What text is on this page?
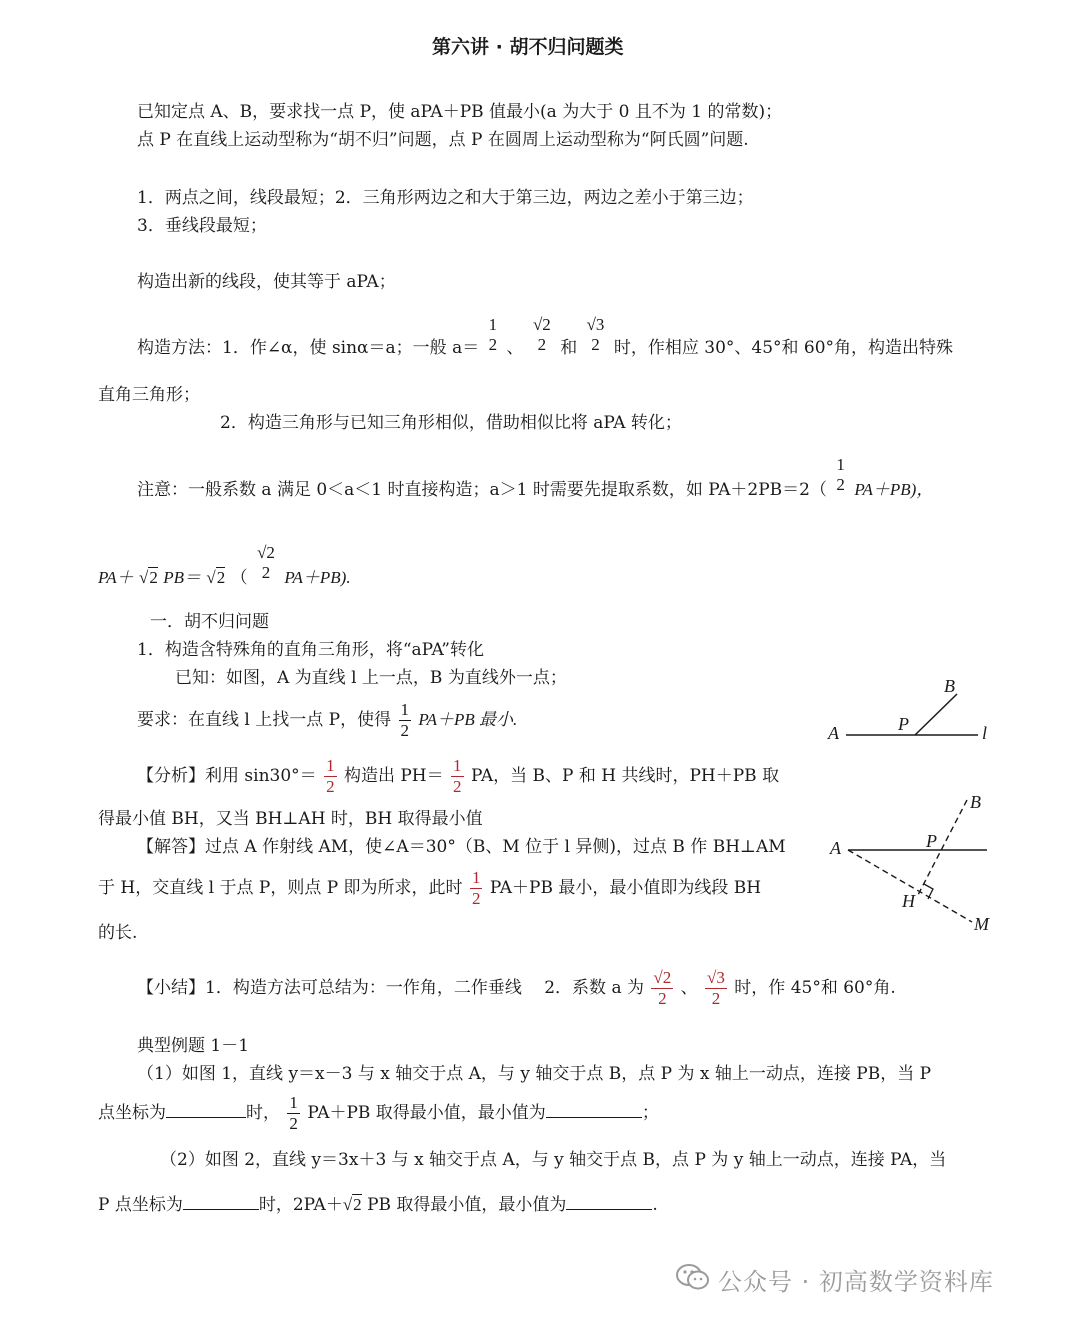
第六讲 · 胡不归问题类
已知定点 A、B，要求找一点 P，使 aPA＋PB 值最小(a 为大于 0 且不为 1 的常数)；
点 P 在直线上运动型称为“胡不归”问题，点 P 在圆周上运动型称为“阿氏圆”问题.
1．两点之间，线段最短；2．三角形两边之和大于第三边，两边之差小于第三边；
3．垂线段最短；
构造出新的线段，使其等于 aPA；
构造方法：1．作∠α，使 sinα＝a；一般 a＝
1
2 、
√2
2 和
√3
2 时，作相应 30°、45°和 60°角，构造出特殊
直角三角形；
2．构造三角形与已知三角形相似，借助相似比将 aPA 转化；
注意：一般系数 a 满足 0＜a＜1 时直接构造；a＞1 时需要先提取系数，如 PA＋2PB＝2（
1
2 PA＋PB)，
PA＋ √2 PB＝ √2 （
√2
2 PA＋PB).
一．胡不归问题
1．构造含特殊角的直角三角形，将“aPA”转化
已知：如图，A 为直线 l 上一点，B 为直线外一点；
要求：在直线 l 上找一点 P，使得 $\frac{1}{2} PA+PB$ 最小.
A	P
B
l
【分析】利用 $\sin 30^\circ= \frac{1}{2}$ 构造出 $PH= \frac{1}{2}$ PA，当 B、P 和 H 共线时，PH＋PB 取
得最小值 BH，又当 BH⊥AH 时，BH 取得最小值
【解答】过点 A 作射线 AM，使∠A＝30°（B、M 位于 l 异侧)，过点 B 作 BH⊥AM
于 H，交直线 l 于点 P，则点 P 即为所求，此时 $\frac{1}{2} PA+PB$ 最小，最小值即为线段 BH
的长.
A	P
B
H
M
【小结】1．构造方法可总结为：一作角，二作垂线　 2．系数 a 为 $\frac{√2}{2}$ 、 $\frac{√3}{2}$ 时，作 45°和 60°角.
典型例题 1－1
（1）如图 1，直线 y＝x－3 与 x 轴交于点 A，与 y 轴交于点 B，点 P 为 x 轴上一动点，连接 PB，当 P
点坐标为	时， $\frac{1}{2} PA+PB$ 取得最小值，最小值为	；
（2）如图 2，直线 y＝3x＋3 与 x 轴交于点 A，与 y 轴交于点 B，点 P 为 y 轴上一动点，连接 PA，当
P 点坐标为	时，2PA＋√2 PB 取得最小值，最小值为	.
公众号 · 初高数学资料库
